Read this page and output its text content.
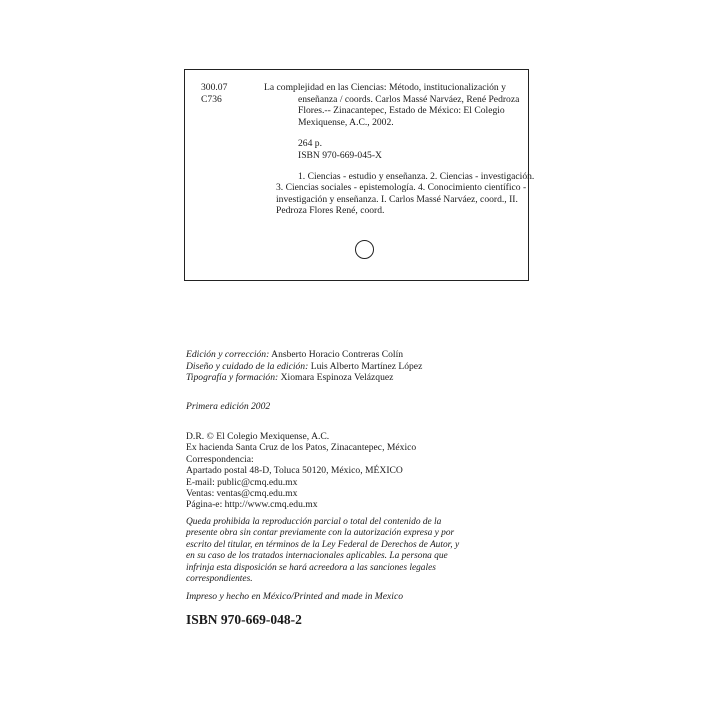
300.07
C736
La complejidad en las Ciencias: Método, institucionalización y
enseñanza / coords. Carlos Massé Narváez, René Pedroza
Flores.-- Zinacantepec, Estado de México: El Colegio
Mexiquense, A.C., 2002.
264 p.
ISBN 970-669-045-X
1. Ciencias - estudio y enseñanza. 2. Ciencias - investigación.
3. Ciencias sociales - epistemología. 4. Conocimiento científico -
investigación y enseñanza. I. Carlos Massé Narváez, coord., II.
Pedroza Flores René, coord.
Edición y corrección: Ansberto Horacio Contreras Colín
Diseño y cuidado de la edición: Luis Alberto Martínez López
Tipografía y formación: Xiomara Espinoza Velázquez
Primera edición 2002
D.R. © El Colegio Mexiquense, A.C.
Ex hacienda Santa Cruz de los Patos, Zinacantepec, México
Correspondencia:
Apartado postal 48-D, Toluca 50120, México, MÉXICO
E-mail: public@cmq.edu.mx
Ventas: ventas@cmq.edu.mx
Página-e: http://www.cmq.edu.mx
Queda prohibida la reproducción parcial o total del contenido de la
presente obra sin contar previamente con la autorización expresa y por
escrito del titular, en términos de la Ley Federal de Derechos de Autor, y
en su caso de los tratados internacionales aplicables. La persona que
infrinja esta disposición se hará acreedora a las sanciones legales
correspondientes.
Impreso y hecho en México/Printed and made in Mexico
ISBN 970-669-048-2
